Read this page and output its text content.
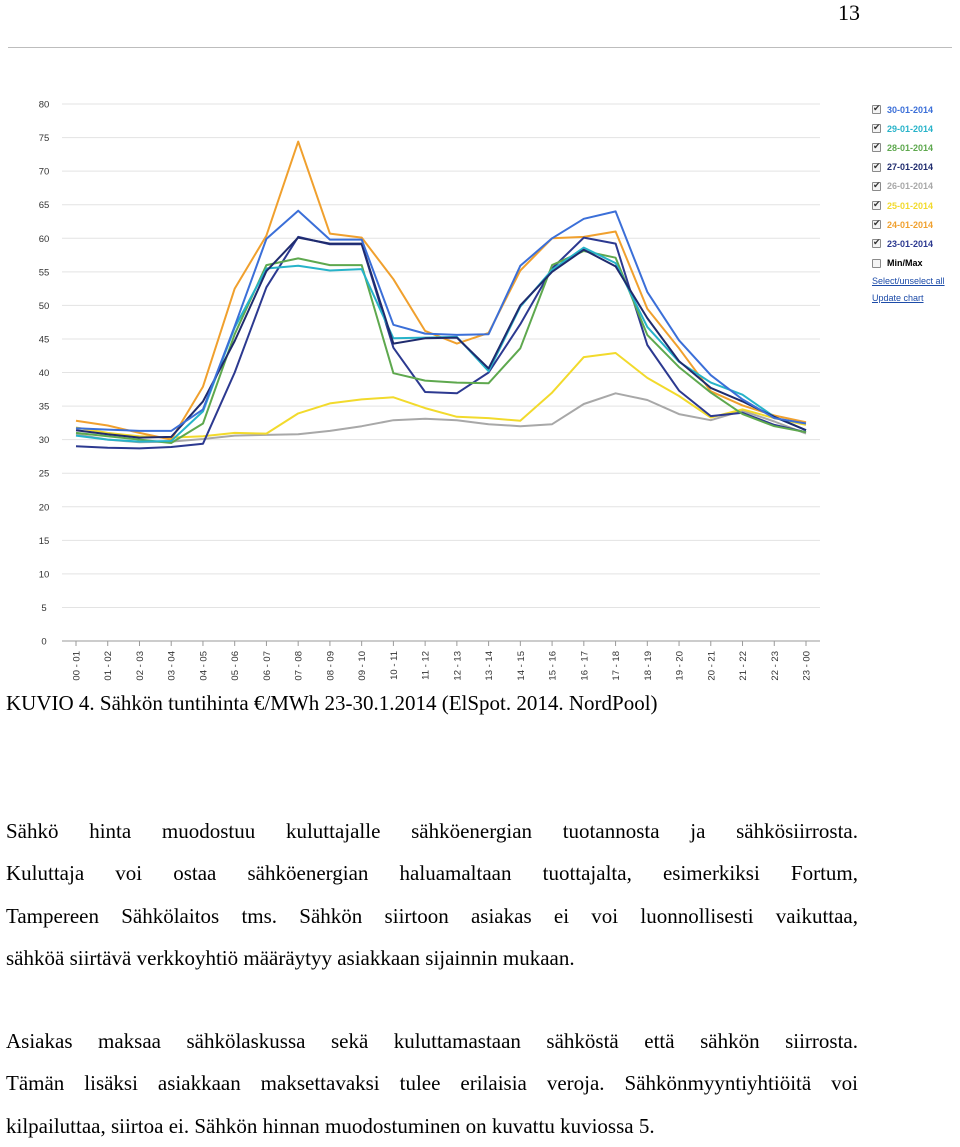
13
0
5
10
15
20
25
30
35
40
45
50
55
60
65
70
75
80
00 - 01 01 - 02 02 - 03 03 - 04 04 - 05 05 - 06 06 - 07 07 - 08 08 - 09 09 - 10 10 - 11 11 - 12 12 - 13 13 - 14 14 - 15 15 - 16 16 - 17 17 - 18 18 - 19 19 - 20 20 - 21 21 - 22 22 - 23 23 - 00
✔
30-01-2014
✔
29-01-2014
✔
28-01-2014
✔
27-01-2014
✔
26-01-2014
✔
25-01-2014
✔
24-01-2014
✔
23-01-2014
Min/Max
Select/unselect all
Update chart
KUVIO 4. Sähkön tuntihinta €/MWh 23-30.1.2014 (ElSpot. 2014. NordPool)
Sähkö hinta muodostuu kuluttajalle sähköenergian tuotannosta ja sähkösiirrosta.
Kuluttaja voi ostaa sähköenergian haluamaltaan tuottajalta, esimerkiksi Fortum,
Tampereen Sähkölaitos tms. Sähkön siirtoon asiakas ei voi luonnollisesti vaikuttaa,
sähköä siirtävä verkkoyhtiö määräytyy asiakkaan sijainnin mukaan.
Asiakas maksaa sähkölaskussa sekä kuluttamastaan sähköstä että sähkön siirrosta.
Tämän lisäksi asiakkaan maksettavaksi tulee erilaisia veroja. Sähkönmyyntiyhtiöitä voi
kilpailuttaa, siirtoa ei. Sähkön hinnan muodostuminen on kuvattu kuviossa 5.
